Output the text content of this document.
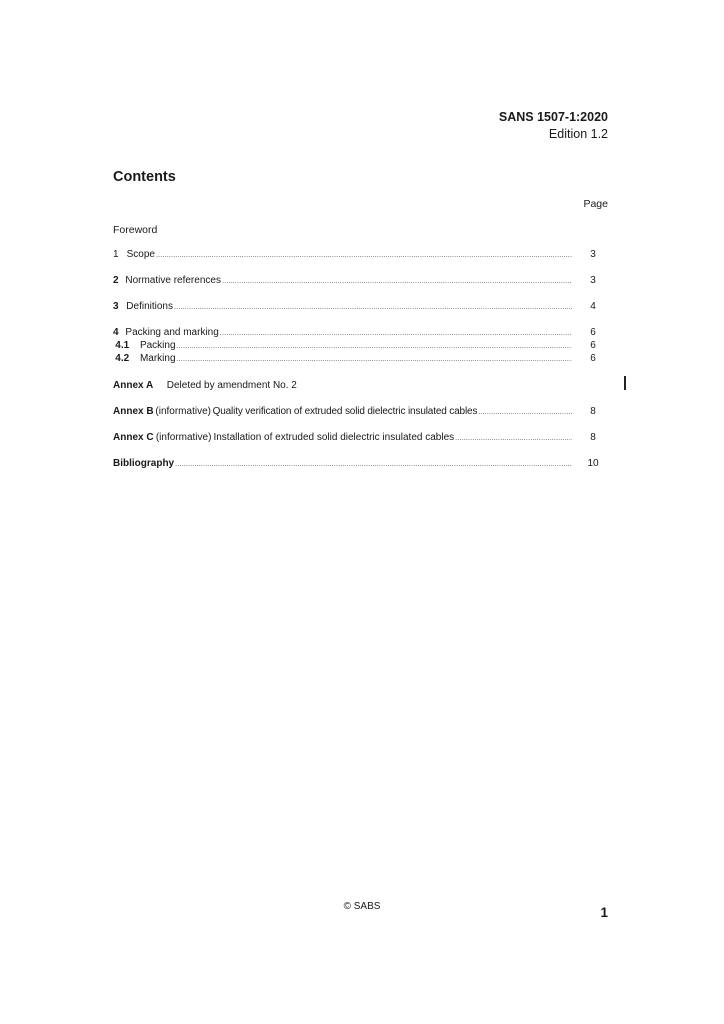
SANS 1507-1:2020
Edition 1.2
Contents
Page
Foreword
1 Scope .....	3
2 Normative references .....	3
3 Definitions .....	4
4 Packing and marking .....	6
4.1 Packing .....	6
4.2 Marking .....	6
Annex A Deleted by amendment No. 2
Annex B (informative) Quality verification of extruded solid dielectric insulated cables .....	8
Annex C (informative) Installation of extruded solid dielectric insulated cables .....	8
Bibliography .....	10
© SABS	1
